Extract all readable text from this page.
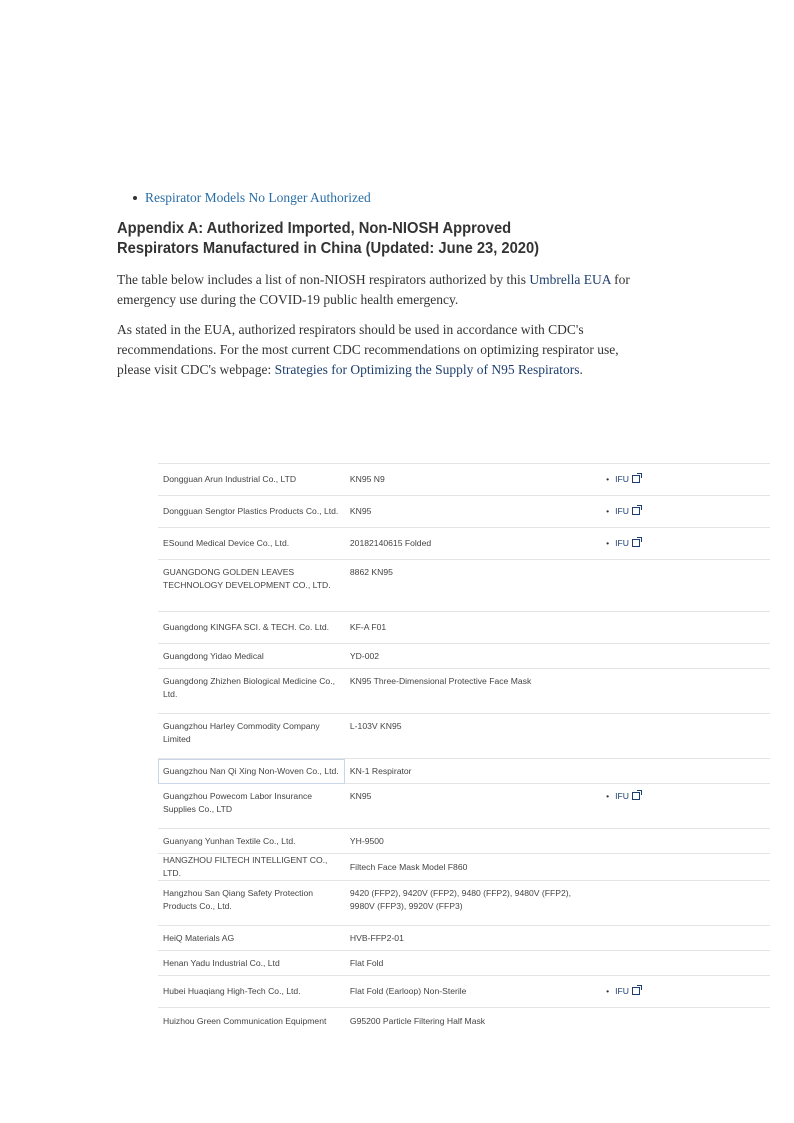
Respirator Models No Longer Authorized
Appendix A: Authorized Imported, Non-NIOSH Approved Respirators Manufactured in China (Updated: June 23, 2020)

The table below includes a list of non-NIOSH respirators authorized by this Umbrella EUA for emergency use during the COVID-19 public health emergency.

As stated in the EUA, authorized respirators should be used in accordance with CDC's recommendations. For the most current CDC recommendations on optimizing respirator use, please visit CDC's webpage: Strategies for Optimizing the Supply of N95 Respirators.

Dongguan Arun Industrial Co., LTD	KN95 N9	• IFU
Dongguan Sengtor Plastics Products Co., Ltd.	KN95	• IFU
ESound Medical Device Co., Ltd.	20182140615 Folded	• IFU
GUANGDONG GOLDEN LEAVES TECHNOLOGY DEVELOPMENT CO., LTD.	8862 KN95	
Guangdong KINGFA SCI. & TECH. Co. Ltd.	KF-A F01	
Guangdong Yidao Medical	YD-002	
Guangdong Zhizhen Biological Medicine Co., Ltd.	KN95 Three-Dimensional Protective Face Mask	
Guangzhou Harley Commodity Company Limited	L-103V KN95	
Guangzhou Nan Qi Xing Non-Woven Co., Ltd.	KN-1 Respirator	
Guangzhou Powecom Labor Insurance Supplies Co., LTD	KN95	• IFU
Guanyang Yunhan Textile Co., Ltd.	YH-9500	
HANGZHOU FILTECH INTELLIGENT CO., LTD.	Filtech Face Mask Model F860	
Hangzhou San Qiang Safety Protection Products Co., Ltd.	9420 (FFP2), 9420V (FFP2), 9480 (FFP2), 9480V (FFP2), 9980V (FFP3), 9920V (FFP3)	
HeiQ Materials AG	HVB-FFP2-01	
Henan Yadu Industrial Co., Ltd	Flat Fold	
Hubei Huaqiang High-Tech Co., Ltd.	Flat Fold (Earloop) Non-Sterile	• IFU
Huizhou Green Communication Equipment	G95200 Particle Filtering Half Mask	
